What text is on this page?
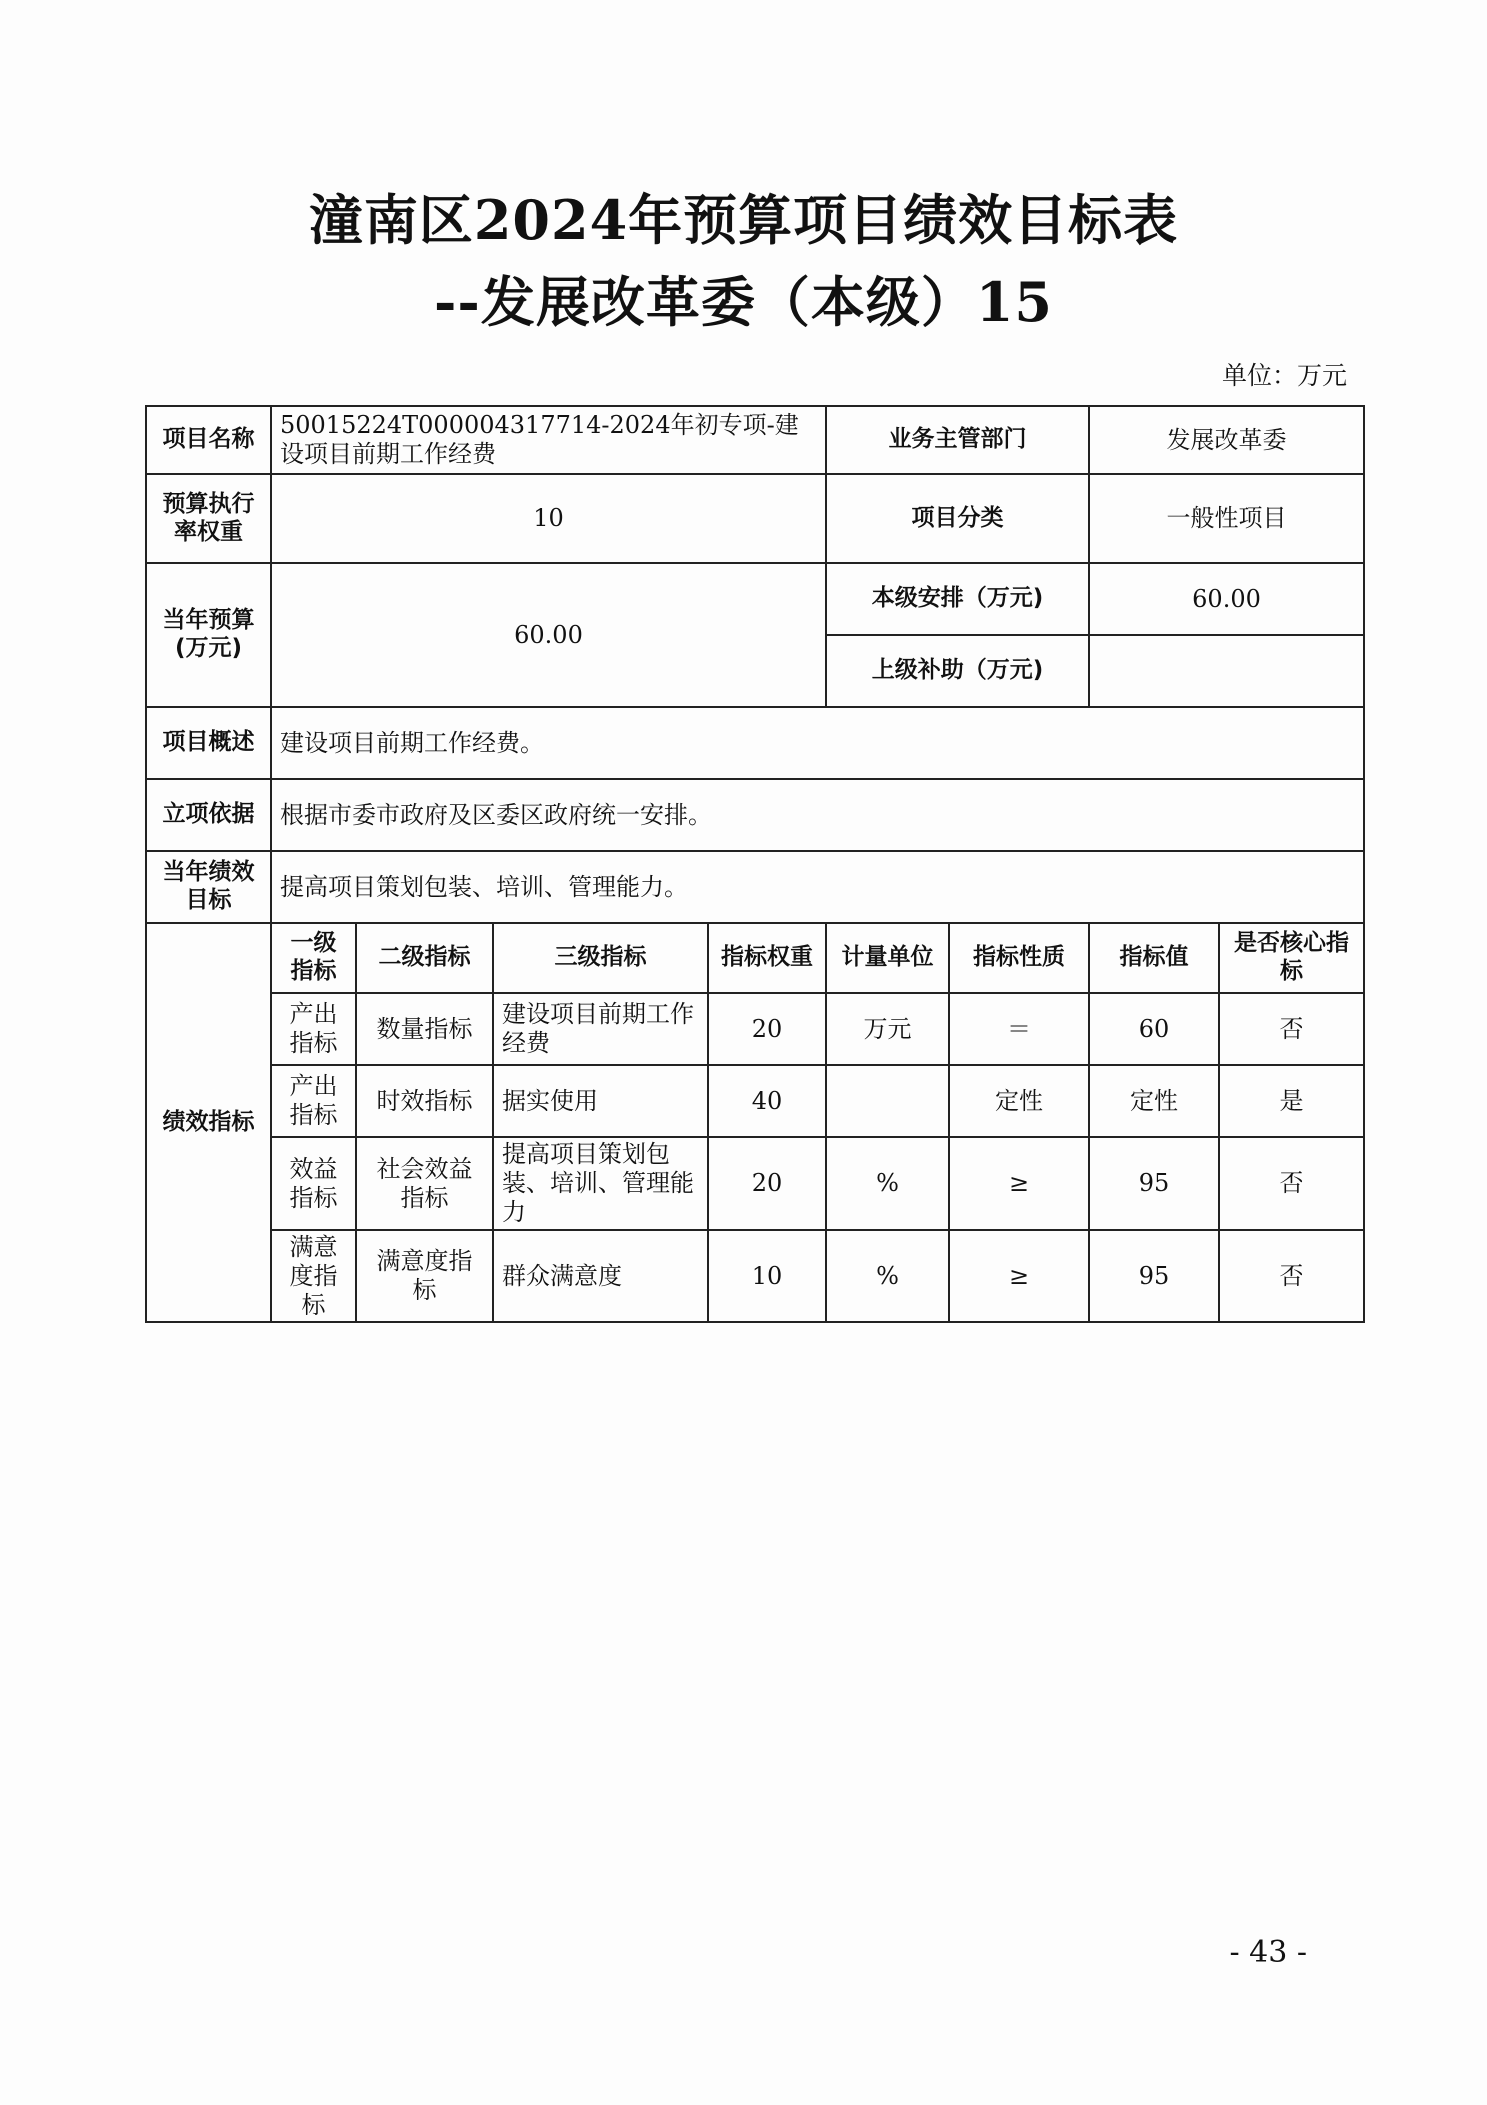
潼南区2024年预算项目绩效目标表
--发展改革委（本级）15
单位：万元
项目名称	50015224T000004317714-2024年初专项-建设项目前期工作经费				业务主管部门		发展改革委	
预算执行率权重	10				项目分类		一般性项目	
当年预算(万元)	60.00				本级安排（万元)		60.00	
					上级补助（万元)			
项目概述	建设项目前期工作经费。							
立项依据	根据市委市政府及区委区政府统一安排。							
当年绩效目标	提高项目策划包装、培训、管理能力。							
绩效指标	一级指标	二级指标	三级指标	指标权重	计量单位	指标性质	指标值	是否核心指标
	产出指标	数量指标	建设项目前期工作经费	20	万元	＝	60	否
	产出指标	时效指标	据实使用	40		定性	定性	是
	效益指标	社会效益指标	提高项目策划包装、培训、管理能力	20	%	≥	95	否
	满意度指标	满意度指标	群众满意度	10	%	≥	95	否
- 43 -
